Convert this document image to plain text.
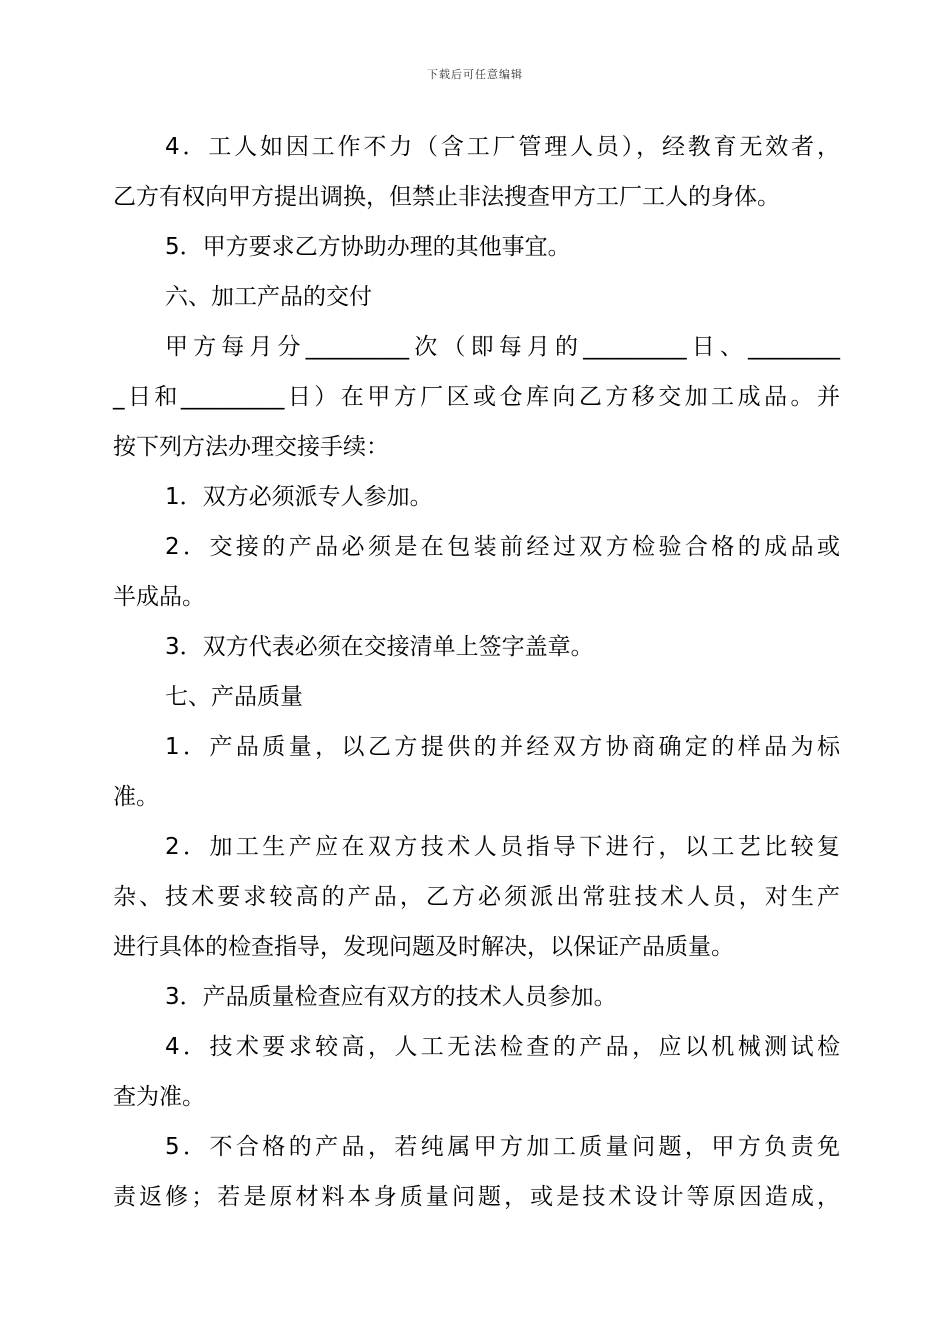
下载后可任意编辑
4．工人如因工作不力（含工厂管理人员），经教育无效者，
乙方有权向甲方提出调换，但禁止非法搜查甲方工厂工人的身体。
5．甲方要求乙方协助办理的其他事宜。
六、加工产品的交付
甲方每月分_________次（即每月的_________日、________
_日和_________日）在甲方厂区或仓库向乙方移交加工成品。并
按下列方法办理交接手续：
1．双方必须派专人参加。
2．交接的产品必须是在包装前经过双方检验合格的成品或
半成品。
3．双方代表必须在交接清单上签字盖章。
七、产品质量
1．产品质量，以乙方提供的并经双方协商确定的样品为标
准。
2．加工生产应在双方技术人员指导下进行，以工艺比较复
杂、技术要求较高的产品，乙方必须派出常驻技术人员，对生产
进行具体的检查指导，发现问题及时解决，以保证产品质量。
3．产品质量检查应有双方的技术人员参加。
4．技术要求较高，人工无法检查的产品，应以机械测试检
查为准。
5．不合格的产品，若纯属甲方加工质量问题，甲方负责免
责返修；若是原材料本身质量问题，或是技术设计等原因造成，
